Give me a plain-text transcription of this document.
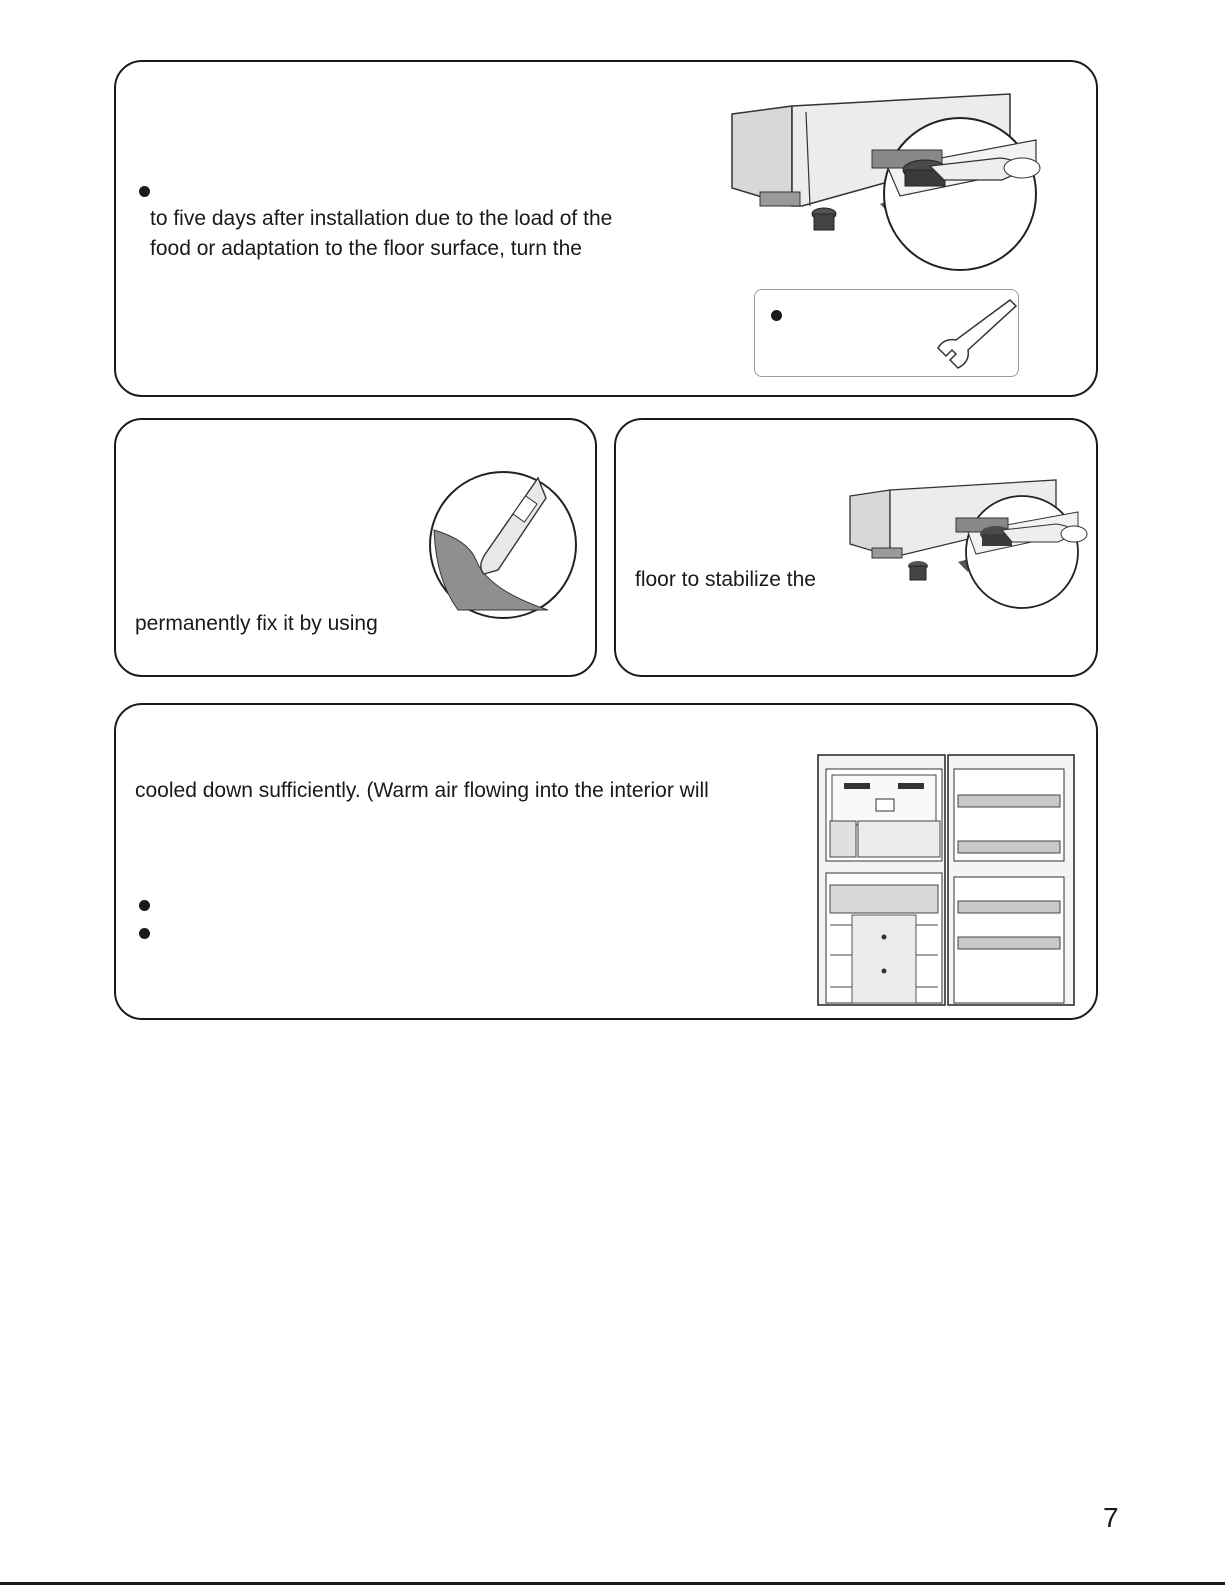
to five days after installation due to the load of the
food or adaptation to the floor surface, turn the
permanently fix it by using
floor to stabilize the
cooled down sufficiently. (Warm air flowing into the interior will
7
